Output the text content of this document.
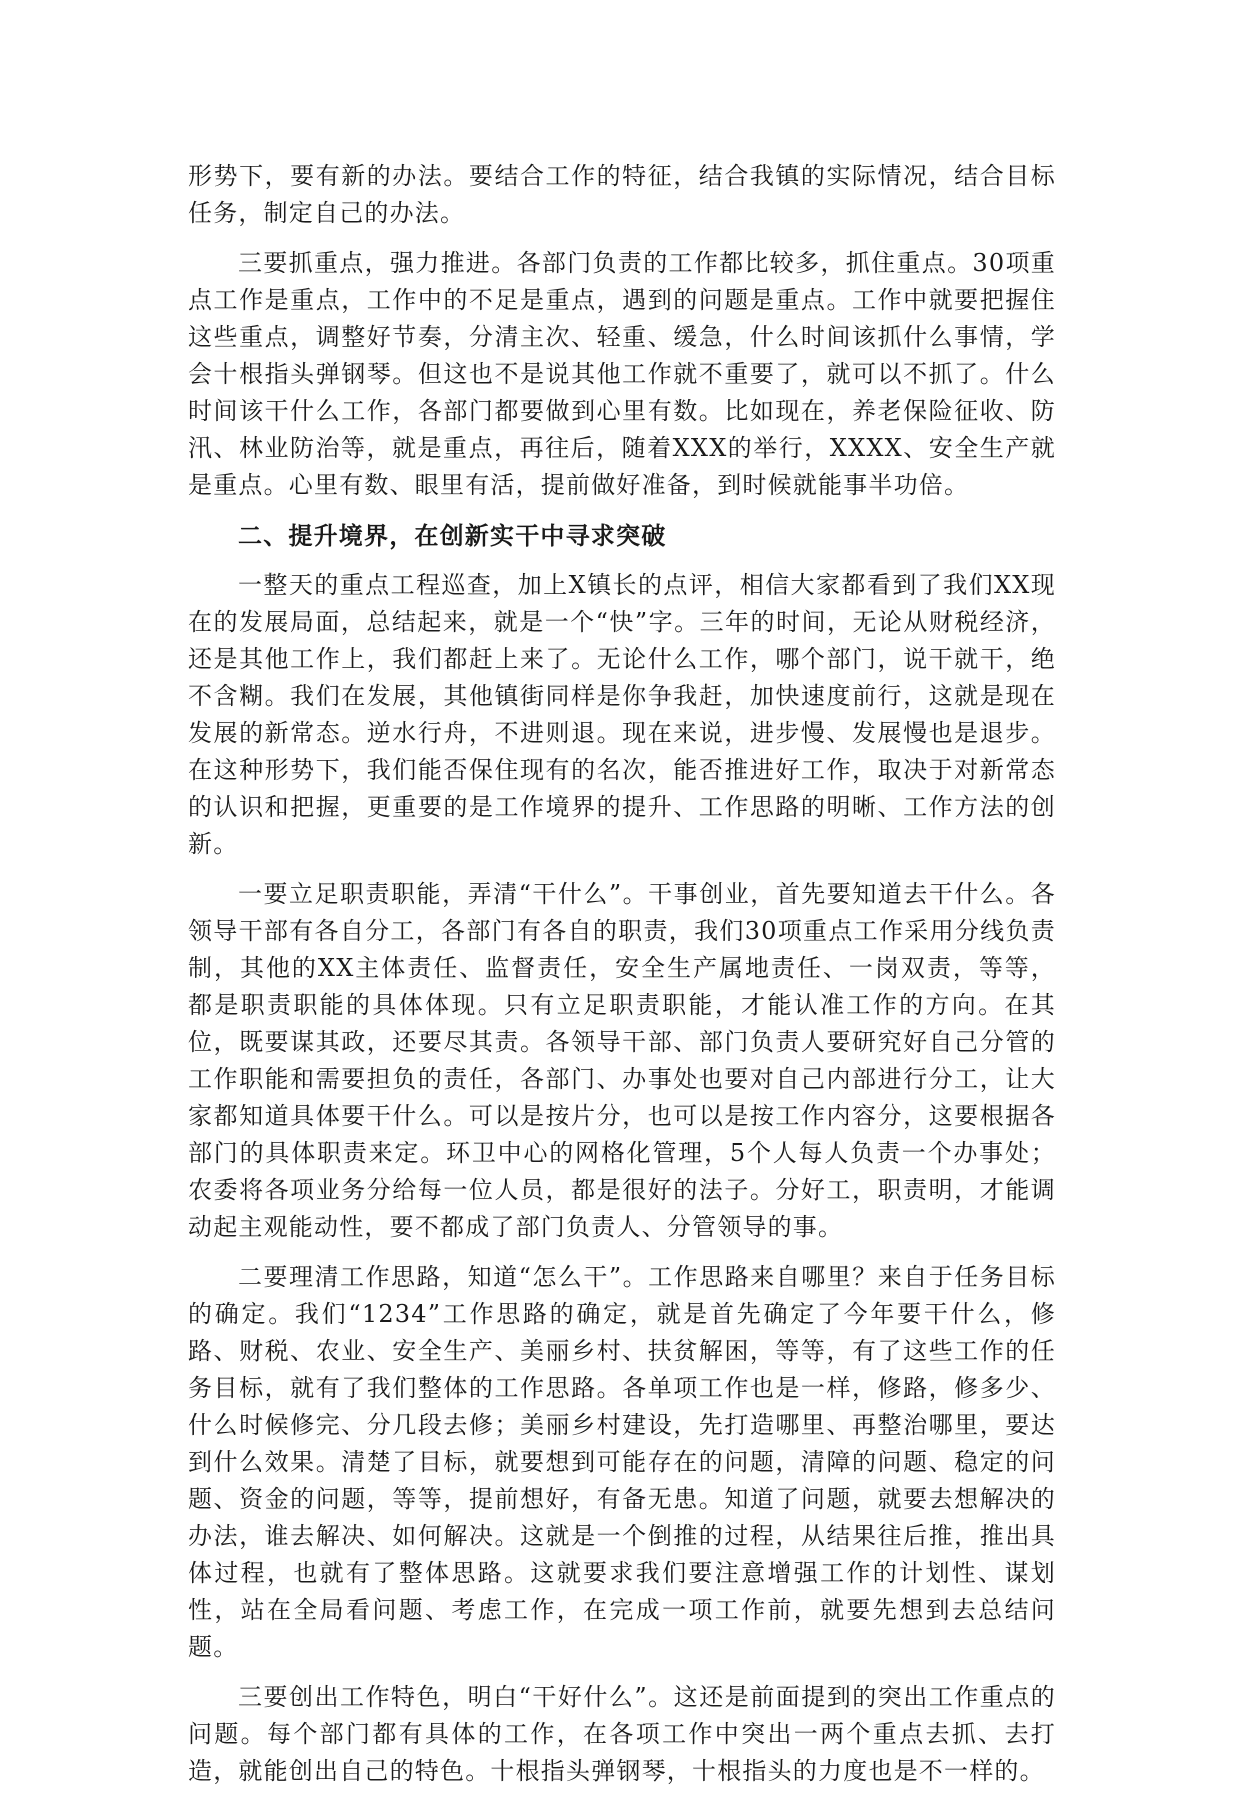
形势下，要有新的办法。要结合工作的特征，结合我镇的实际情况，结合目标任务，制定自己的办法。

三要抓重点，强力推进。各部门负责的工作都比较多，抓住重点。30项重点工作是重点，工作中的不足是重点，遇到的问题是重点。工作中就要把握住这些重点，调整好节奏，分清主次、轻重、缓急，什么时间该抓什么事情，学会十根指头弹钢琴。但这也不是说其他工作就不重要了，就可以不抓了。什么时间该干什么工作，各部门都要做到心里有数。比如现在，养老保险征收、防汛、林业防治等，就是重点，再往后，随着XXX的举行，XXXX、安全生产就是重点。心里有数、眼里有活，提前做好准备，到时候就能事半功倍。

二、提升境界，在创新实干中寻求突破

一整天的重点工程巡查，加上X镇长的点评，相信大家都看到了我们XX现在的发展局面，总结起来，就是一个“快”字。三年的时间，无论从财税经济，还是其他工作上，我们都赶上来了。无论什么工作，哪个部门，说干就干，绝不含糊。我们在发展，其他镇街同样是你争我赶，加快速度前行，这就是现在发展的新常态。逆水行舟，不进则退。现在来说，进步慢、发展慢也是退步。在这种形势下，我们能否保住现有的名次，能否推进好工作，取决于对新常态的认识和把握，更重要的是工作境界的提升、工作思路的明晰、工作方法的创新。

一要立足职责职能，弄清“干什么”。干事创业，首先要知道去干什么。各领导干部有各自分工，各部门有各自的职责，我们30项重点工作采用分线负责制，其他的XX主体责任、监督责任，安全生产属地责任、一岗双责，等等，都是职责职能的具体体现。只有立足职责职能，才能认准工作的方向。在其位，既要谋其政，还要尽其责。各领导干部、部门负责人要研究好自己分管的工作职能和需要担负的责任，各部门、办事处也要对自己内部进行分工，让大家都知道具体要干什么。可以是按片分，也可以是按工作内容分，这要根据各部门的具体职责来定。环卫中心的网格化管理，5个人每人负责一个办事处；农委将各项业务分给每一位人员，都是很好的法子。分好工，职责明，才能调动起主观能动性，要不都成了部门负责人、分管领导的事。

二要理清工作思路，知道“怎么干”。工作思路来自哪里？来自于任务目标的确定。我们“1234”工作思路的确定，就是首先确定了今年要干什么，修路、财税、农业、安全生产、美丽乡村、扶贫解困，等等，有了这些工作的任务目标，就有了我们整体的工作思路。各单项工作也是一样，修路，修多少、什么时候修完、分几段去修；美丽乡村建设，先打造哪里、再整治哪里，要达到什么效果。清楚了目标，就要想到可能存在的问题，清障的问题、稳定的问题、资金的问题，等等，提前想好，有备无患。知道了问题，就要去想解决的办法，谁去解决、如何解决。这就是一个倒推的过程，从结果往后推，推出具体过程，也就有了整体思路。这就要求我们要注意增强工作的计划性、谋划性，站在全局看问题、考虑工作，在完成一项工作前，就要先想到去总结问题。

三要创出工作特色，明白“干好什么”。这还是前面提到的突出工作重点的问题。每个部门都有具体的工作，在各项工作中突出一两个重点去抓、去打造，就能创出自己的特色。十根指头弹钢琴，十根指头的力度也是不一样的。
